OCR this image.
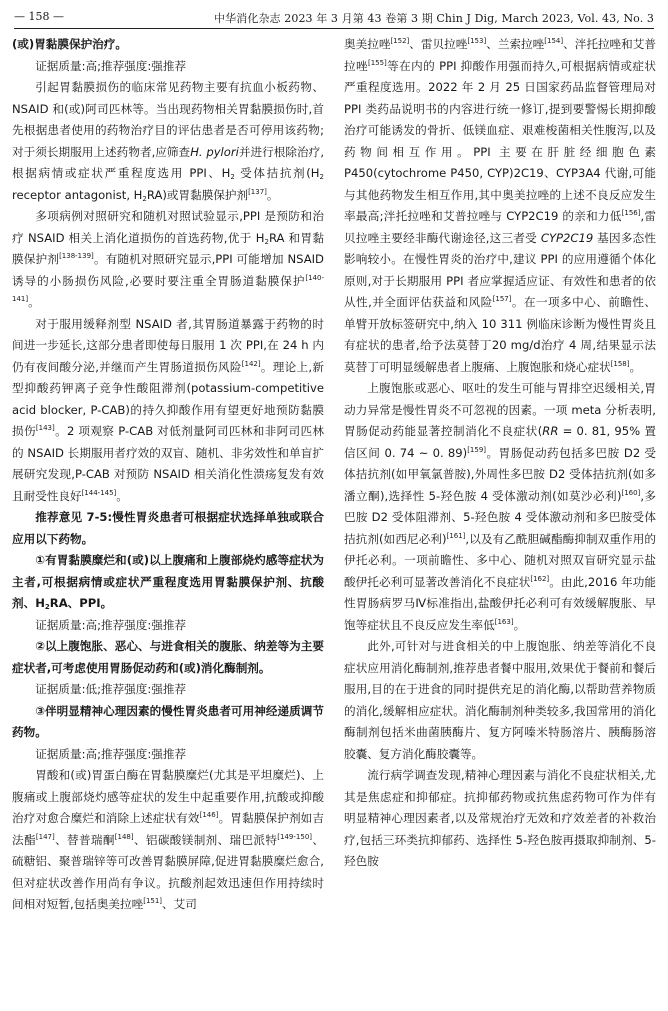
— 158 —	中华消化杂志 2023 年 3 月第 43 卷第 3 期 Chin J Dig, March 2023, Vol. 43, No. 3

(或)胃黏膜保护治疗。

证据质量:高;推荐强度:强推荐

引起胃黏膜损伤的临床常见药物主要有抗血小板药物、NSAID 和(或)阿司匹林等。当出现药物相关胃黏膜损伤时,首先根据患者使用的药物治疗目的评估患者是否可停用该药物;对于须长期服用上述药物者,应筛查H. pylori并进行根除治疗,根据病情或症状严重程度选用 PPI、$H_2$ 受体拮抗剂($H_2$ receptor antagonist, $H_2RA$)或胃黏膜保护剂[137]。

多项病例对照研究和随机对照试验显示,PPI 是预防和治疗 NSAID 相关上消化道损伤的首选药物,优于 $H_2RA$ 和胃黏膜保护剂[138-139]。有随机对照研究显示,PPI 可能增加 NSAID 诱导的小肠损伤风险,必要时要注重全胃肠道黏膜保护[140-141]。

对于服用缓释剂型 NSAID 者,其胃肠道暴露于药物的时间进一步延长,这部分患者即使每日服用 1 次 PPI,在 24 h 内仍有夜间酸分泌,并继而产生胃肠道损伤风险[142]。理论上,新型抑酸药钾离子竞争性酸阻滞剂(potassium-competitive acid blocker, P-CAB)的持久抑酸作用有望更好地预防黏膜损伤[143]。2 项观察 P-CAB 对低剂量阿司匹林和非阿司匹林的 NSAID 长期服用者疗效的双盲、随机、非劣效性和单盲扩展研究发现,P-CAB 对预防 NSAID 相关消化性溃疡复发有效且耐受性良好[144-145]。

推荐意见 7-5:慢性胃炎患者可根据症状选择单独或联合应用以下药物。

①有胃黏膜糜烂和(或)以上腹痛和上腹部烧灼感等症状为主者,可根据病情或症状严重程度选用胃黏膜保护剂、抗酸剂、$H_2RA$、PPI。

证据质量:高;推荐强度:强推荐

②以上腹饱胀、恶心、与进食相关的腹胀、纳差等为主要症状者,可考虑使用胃肠促动药和(或)消化酶制剂。

证据质量:低;推荐强度:强推荐

③伴明显精神心理因素的慢性胃炎患者可用神经递质调节药物。

证据质量:高;推荐强度:强推荐

胃酸和(或)胃蛋白酶在胃黏膜糜烂(尤其是平坦糜烂)、上腹痛或上腹部烧灼感等症状的发生中起重要作用,抗酸或抑酸治疗对愈合糜烂和消除上述症状有效[146]。胃黏膜保护剂如吉法酯[147]、替普瑞酮[148]、铝碳酸镁制剂、瑞巴派特[149-150]、硫糖铝、聚普瑞锌等可改善胃黏膜屏障,促进胃黏膜糜烂愈合,但对症状改善作用尚有争议。抗酸剂起效迅速但作用持续时间相对短暂,包括奥美拉唑[151]、艾司

奥美拉唑[152]、雷贝拉唑[153]、兰索拉唑[154]、泮托拉唑和艾普拉唑[155]等在内的 PPI 抑酸作用强而持久,可根据病情或症状严重程度选用。2022 年 2 月 25 日国家药品监督管理局对 PPI 类药品说明书的内容进行统一修订,提到要警惕长期抑酸治疗可能诱发的骨折、低镁血症、艰难梭菌相关性腹泻,以及药物间相互作用。PPI 主要在肝脏经细胞色素 P450(cytochrome P450, CYP)2C19、CYP3A4 代谢,可能与其他药物发生相互作用,其中奥美拉唑的上述不良反应发生率最高;泮托拉唑和艾普拉唑与 CYP2C19 的亲和力低[156],雷贝拉唑主要经非酶代谢途径,这三者受 CYP2C19 基因多态性影响较小。在慢性胃炎的治疗中,建议 PPI 的应用遵循个体化原则,对于长期服用 PPI 者应掌握适应证、有效性和患者的依从性,并全面评估获益和风险[157]。在一项多中心、前瞻性、单臂开放标签研究中,纳入 10 311 例临床诊断为慢性胃炎且有症状的患者,给予法莫替丁20 mg/d治疗 4 周,结果显示法莫替丁可明显缓解患者上腹痛、上腹饱胀和烧心症状[158]。

上腹饱胀或恶心、呕吐的发生可能与胃排空迟缓相关,胃动力异常是慢性胃炎不可忽视的因素。一项 meta 分析表明,胃肠促动药能显著控制消化不良症状(RR = 0. 81, 95% 置信区间 0. 74 ~ 0. 89)[159]。胃肠促动药包括多巴胺 D2 受体拮抗剂(如甲氧氯普胺),外周性多巴胺 D2 受体拮抗剂(如多潘立酮),选择性 5-羟色胺 4 受体激动剂(如莫沙必利)[160],多巴胺 D2 受体阻滞剂、5-羟色胺 4 受体激动剂和多巴胺受体拮抗剂(如西尼必利)[161],以及有乙酰胆碱酯酶抑制双重作用的伊托必利。一项前瞻性、多中心、随机对照双盲研究显示盐酸伊托必利可显著改善消化不良症状[162]。由此,2016 年功能性胃肠病罗马Ⅳ标准指出,盐酸伊托必利可有效缓解腹胀、早饱等症状且不良反应发生率低[163]。

此外,可针对与进食相关的中上腹饱胀、纳差等消化不良症状应用消化酶制剂,推荐患者餐中服用,效果优于餐前和餐后服用,目的在于进食的同时提供充足的消化酶,以帮助营养物质的消化,缓解相应症状。消化酶制剂种类较多,我国常用的消化酶制剂包括米曲菌胰酶片、复方阿嗪米特肠溶片、胰酶肠溶胶囊、复方消化酶胶囊等。

流行病学调查发现,精神心理因素与消化不良症状相关,尤其是焦虑症和抑郁症。抗抑郁药物或抗焦虑药物可作为伴有明显精神心理因素者,以及常规治疗无效和疗效差者的补救治疗,包括三环类抗抑郁药、选择性 5-羟色胺再摄取抑制剂、5-羟色胺
